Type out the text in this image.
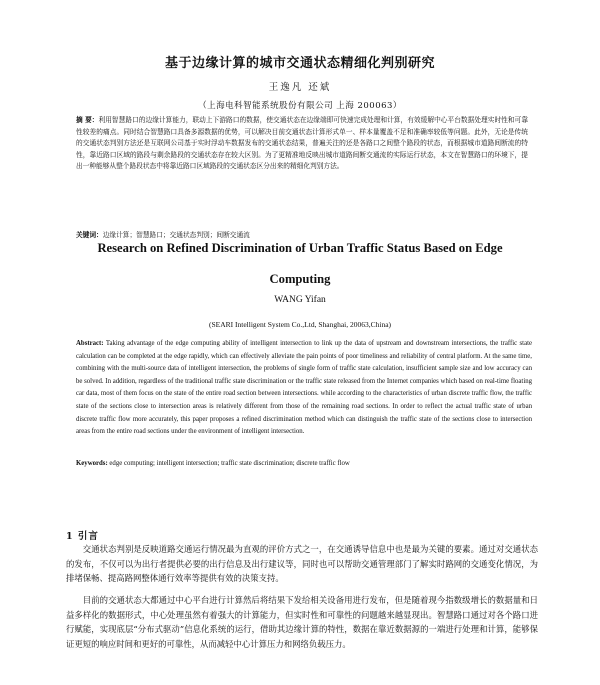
基于边缘计算的城市交通状态精细化判别研究
王逸凡 还斌
（上海电科智能系统股份有限公司 上海 200063）
摘 要：利用智慧路口的边缘计算能力，联动上下游路口的数据，使交通状态在边缘端即可快速完成处理和计算，有效缓解中心平台数据处理实时性和可靠性较差的痛点。同时结合智慧路口具备多源数据的优势，可以解决目前交通状态计算形式单一、样本量覆盖不足和准确率较低等问题。此外，无论是传统的交通状态判别方法还是互联网公司基于实时浮动车数据发布的交通状态结果，普遍关注的还是各路口之间整个路段的状态，而根据城市道路间断流的特性，靠近路口区域的路段与剩余路段的交通状态存在较大区别。为了更精准地反映出城市道路间断交通流的实际运行状态，本文在智慧路口的环境下，提出一种能够从整个路段状态中将靠近路口区域路段的交通状态区分出来的精细化判别方法。
关键词：边缘计算；智慧路口；交通状态判别；间断交通流
Research on Refined Discrimination of Urban Traffic Status Based on Edge
Computing
WANG Yifan
(SEARI Intelligent System Co.,Ltd, Shanghai, 20063,China)
Abstract: Taking advantage of the edge computing ability of intelligent intersection to link up the data of upstream and downstream intersections, the traffic state calculation can be completed at the edge rapidly, which can effectively alleviate the pain points of poor timeliness and reliability of central platform. At the same time, combining with the multi-source data of intelligent intersection, the problems of single form of traffic state calculation, insufficient sample size and low accuracy can be solved. In addition, regardless of the traditional traffic state discrimination or the traffic state released from the Internet companies which based on real-time floating car data, most of them focus on the state of the entire road section between intersections. while according to the characteristics of urban discrete traffic flow, the traffic state of the sections close to intersection areas is relatively different from those of the remaining road sections. In order to reflect the actual traffic state of urban discrete traffic flow more accurately, this paper proposes a refined discrimination method which can distinguish the traffic state of the sections close to intersection areas from the entire road sections under the environment of intelligent intersection.
Keywords: edge computing; intelligent intersection; traffic state discrimination; discrete traffic flow
1 引言
交通状态判别是反映道路交通运行情况最为直观的评价方式之一，在交通诱导信息中也是最为关键的要素。通过对交通状态的发布，不仅可以为出行者提供必要的出行信息及出行建议等，同时也可以帮助交通管理部门了解实时路网的交通变化情况，为排堵保畅、提高路网整体通行效率等提供有效的决策支持。
目前的交通状态大都通过中心平台进行计算然后将结果下发给相关设备用进行发布，但是随着现今指数级增长的数据量和日益多样化的数据形式，中心处理虽然有着强大的计算能力，但实时性和可靠性的问题越来越显现出。智慧路口通过对各个路口进行赋能，实现底层“分布式驱动”信息化系统的运行，借助其边缘计算的特性，数据在靠近数据源的一端进行处理和计算，能够保证更短的响应时间和更好的可靠性，从而减轻中心计算压力和网络负载压力。
